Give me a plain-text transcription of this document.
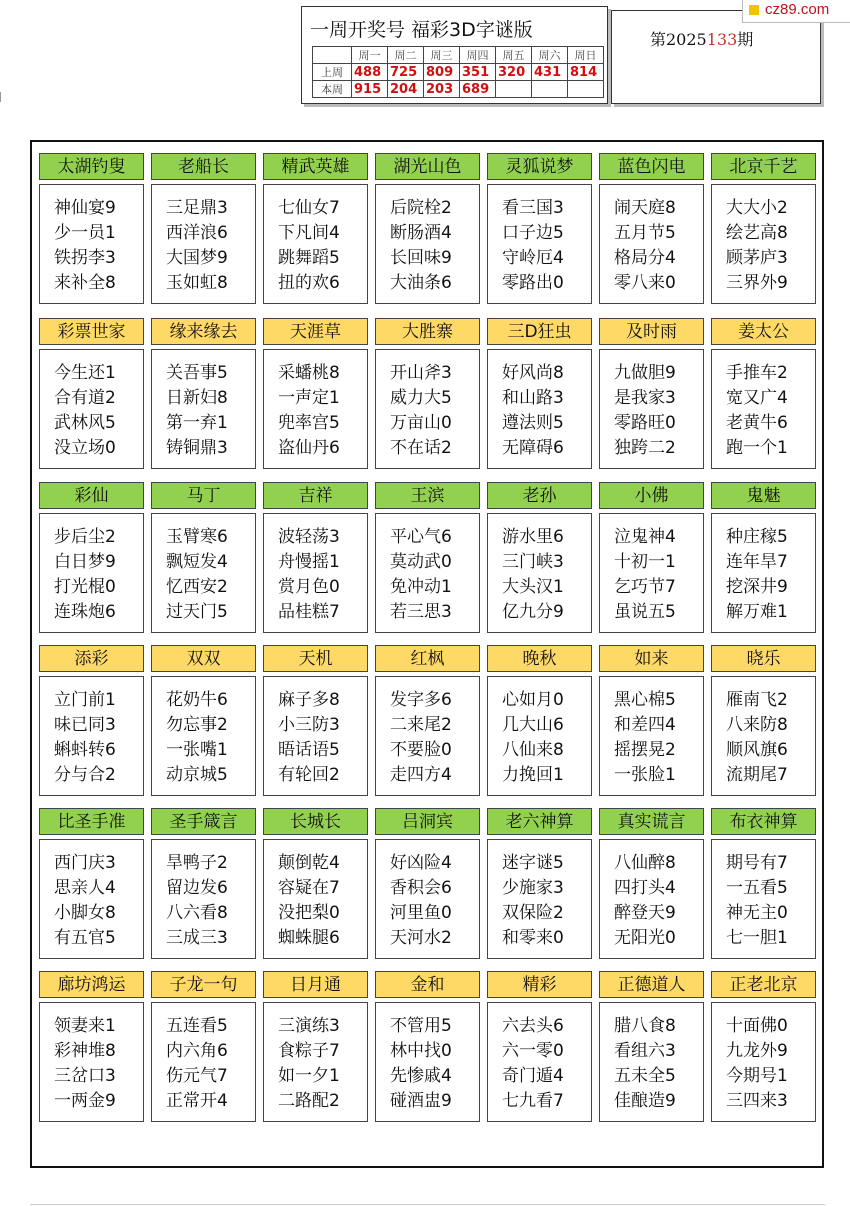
一周开奖号 福彩3D字谜版
	周一	周二	周三	周四	周五	周六	周日
上周	488	725	809	351	320	431	814
本周	915	204	203	689			
第2025133期
cz89.com
太湖钓叟
神仙宴9
少一员1
铁拐李3
来补全8
老船长
三足鼎3
西洋浪6
大国梦9
玉如虹8
精武英雄
七仙女7
下凡间4
跳舞蹈5
扭的欢6
湖光山色
后院栓2
断肠酒4
长回味9
大油条6
灵狐说梦
看三国3
口子边5
守岭厄4
零路出0
蓝色闪电
闹天庭8
五月节5
格局分4
零八来0
北京千艺
大大小2
绘艺高8
顾茅庐3
三界外9
彩票世家
今生还1
合有道2
武林风5
没立场0
缘来缘去
关吾事5
日新妇8
第一弃1
铸铜鼎3
天涯草
采蟠桃8
一声定1
兜率宫5
盗仙丹6
大胜寨
开山斧3
威力大5
万亩山0
不在话2
三D狂虫
好风尚8
和山路3
遵法则5
无障碍6
及时雨
九做胆9
是我家3
零路旺0
独跨二2
姜太公
手推车2
宽又广4
老黄牛6
跑一个1
彩仙
步后尘2
白日梦9
打光棍0
连珠炮6
马丁
玉臂寒6
飘短发4
忆西安2
过天门5
吉祥
波轻荡3
舟慢摇1
赏月色0
品桂糕7
王滨
平心气6
莫动武0
免冲动1
若三思3
老孙
游水里6
三门峡3
大头汉1
亿九分9
小佛
泣鬼神4
十初一1
乞巧节7
虽说五5
鬼魅
种庄稼5
连年旱7
挖深井9
解万难1
添彩
立门前1
味已同3
蝌蚪转6
分与合2
双双
花奶牛6
勿忘事2
一张嘴1
动京城5
天机
麻子多8
小三防3
晤话语5
有轮回2
红枫
发字多6
二来尾2
不要脸0
走四方4
晚秋
心如月0
几大山6
八仙来8
力挽回1
如来
黑心棉5
和差四4
摇摆晃2
一张脸1
晓乐
雁南飞2
八来防8
顺风旗6
流期尾7
比圣手准
西门庆3
思亲人4
小脚女8
有五官5
圣手箴言
旱鸭子2
留边发6
八六看8
三成三3
长城长
颠倒乾4
容疑在7
没把梨0
蜘蛛腿6
吕洞宾
好凶险4
香积会6
河里鱼0
天河水2
老六神算
迷字谜5
少施家3
双保险2
和零来0
真实谎言
八仙醉8
四打头4
醉登天9
无阳光0
布衣神算
期号有7
一五看5
神无主0
七一胆1
廊坊鸿运
领妻来1
彩神堆8
三岔口3
一两金9
子龙一句
五连看5
内六角6
伤元气7
正常开4
日月通
三演练3
食粽子7
如一夕1
二路配2
金和
不管用5
林中找0
先惨戚4
碰酒盅9
精彩
六去头6
六一零0
奇门遁4
七九看7
正德道人
腊八食8
看组六3
五未全5
佳酿造9
正老北京
十面佛0
九龙外9
今期号1
三四来3
